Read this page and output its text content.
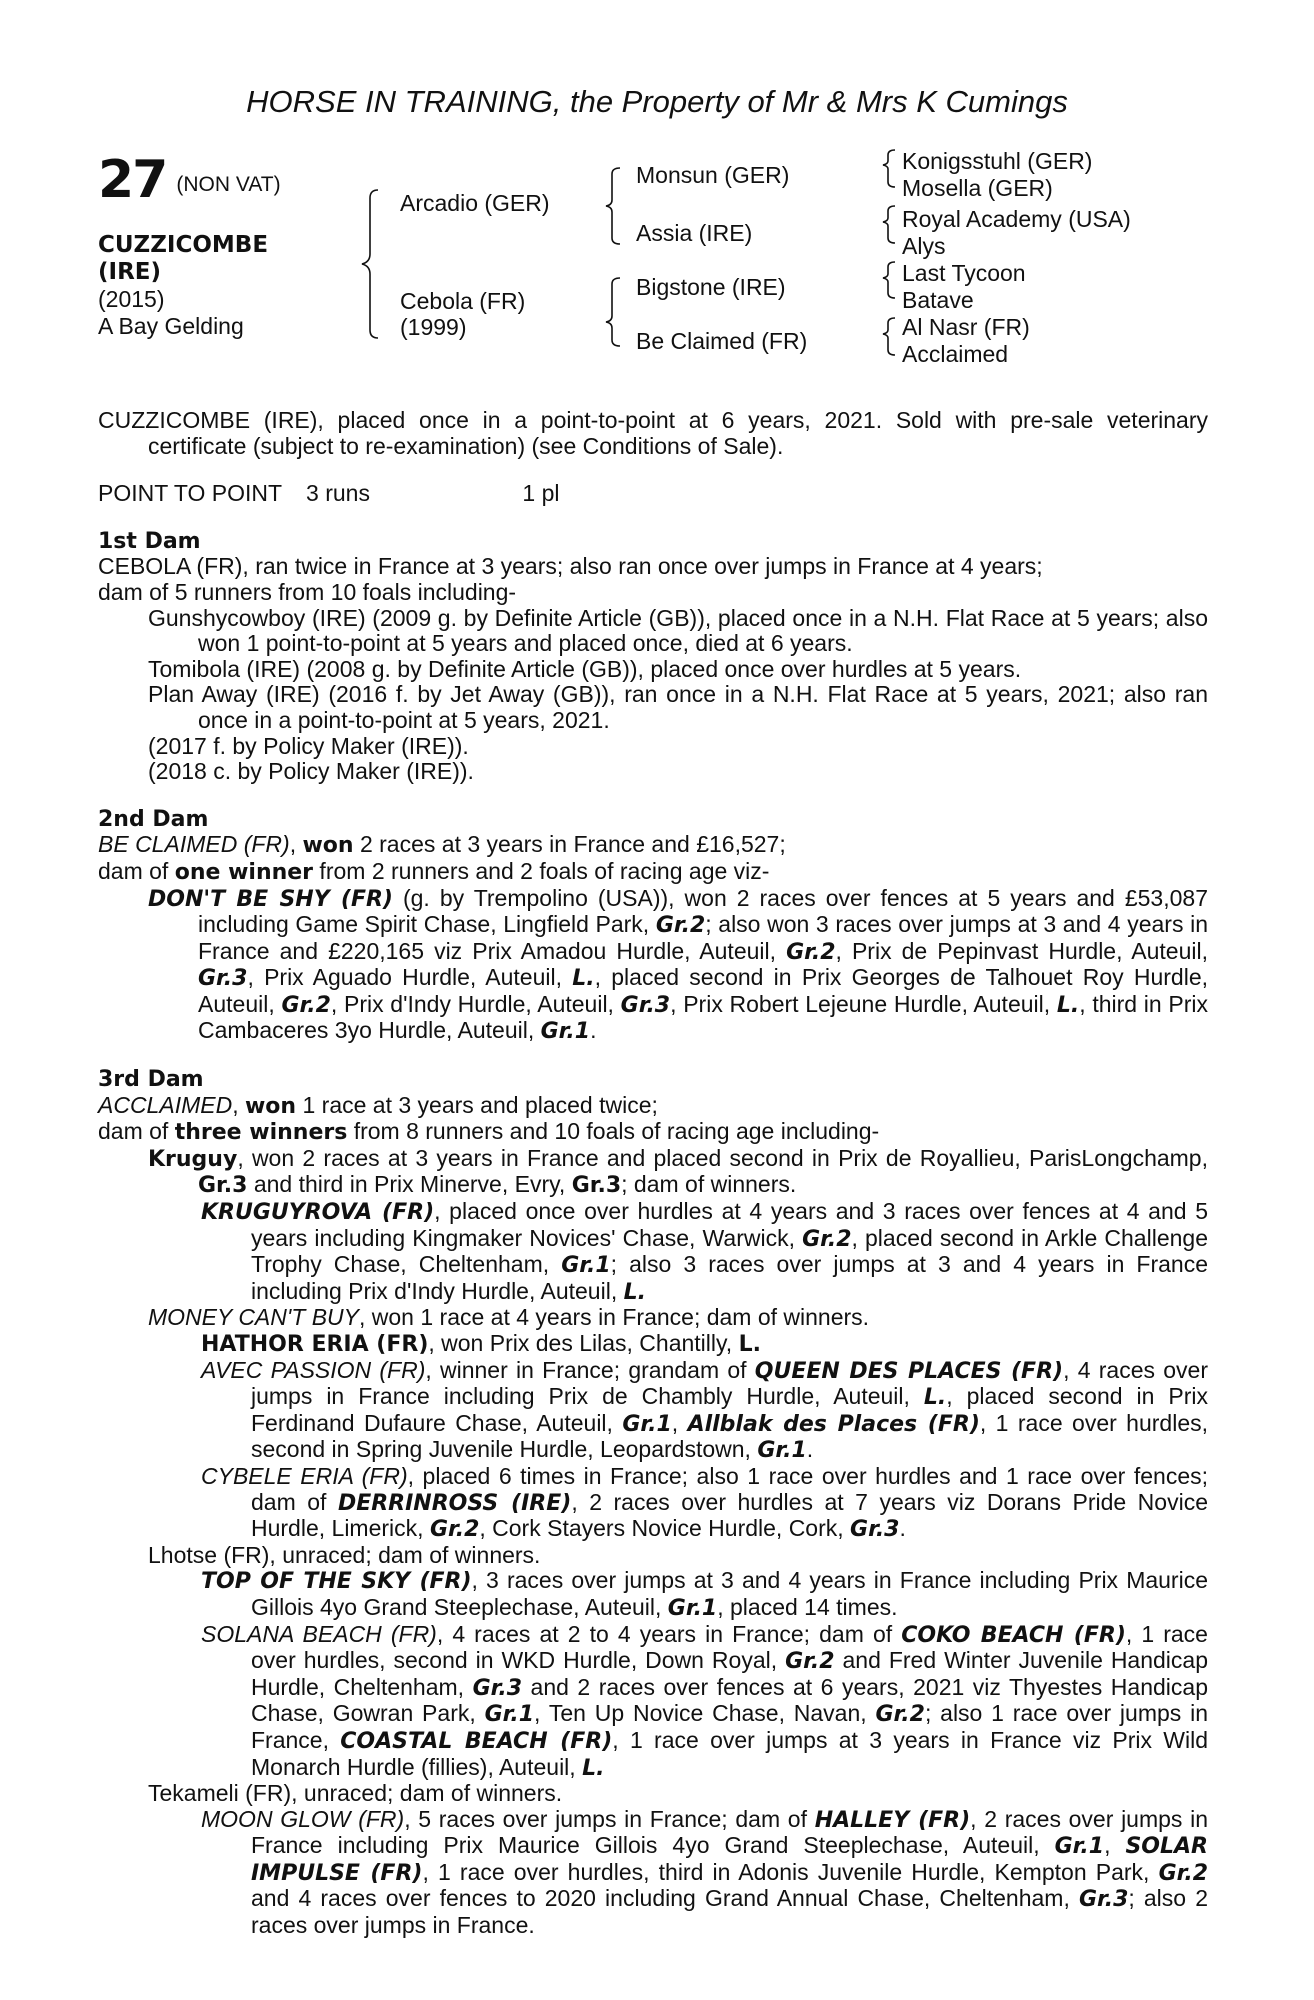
HORSE IN TRAINING, the Property of Mr & Mrs K Cumings
27 (NON VAT)
CUZZICOMBE
(IRE)
(2015)
A Bay Gelding
Arcadio (GER)
Cebola (FR)
(1999)
Monsun (GER)
Assia (IRE)
Bigstone (IRE)
Be Claimed (FR)
Konigsstuhl (GER)
Mosella (GER)
Royal Academy (USA)
Alys
Last Tycoon
Batave
Al Nasr (FR)
Acclaimed

CUZZICOMBE (IRE), placed once in a point-to-point at 6 years, 2021. Sold with pre-sale veterinary certificate (subject to re-examination) (see Conditions of Sale).

POINT TO POINT 3 runs	1 pl

1st Dam

CEBOLA (FR), ran twice in France at 3 years; also ran once over jumps in France at 4 years;

dam of 5 runners from 10 foals including-

Gunshycowboy (IRE) (2009 g. by Definite Article (GB)), placed once in a N.H. Flat Race at 5 years; also won 1 point-to-point at 5 years and placed once, died at 6 years.

Tomibola (IRE) (2008 g. by Definite Article (GB)), placed once over hurdles at 5 years.

Plan Away (IRE) (2016 f. by Jet Away (GB)), ran once in a N.H. Flat Race at 5 years, 2021; also ran once in a point-to-point at 5 years, 2021.

(2017 f. by Policy Maker (IRE)).

(2018 c. by Policy Maker (IRE)).

2nd Dam

BE CLAIMED (FR), won 2 races at 3 years in France and £16,527;

dam of one winner from 2 runners and 2 foals of racing age viz-

DON'T BE SHY (FR) (g. by Trempolino (USA)), won 2 races over fences at 5 years and £53,087 including Game Spirit Chase, Lingfield Park, Gr.2; also won 3 races over jumps at 3 and 4 years in France and £220,165 viz Prix Amadou Hurdle, Auteuil, Gr.2, Prix de Pepinvast Hurdle, Auteuil, Gr.3, Prix Aguado Hurdle, Auteuil, L., placed second in Prix Georges de Talhouet Roy Hurdle, Auteuil, Gr.2, Prix d'Indy Hurdle, Auteuil, Gr.3, Prix Robert Lejeune Hurdle, Auteuil, L., third in Prix Cambaceres 3yo Hurdle, Auteuil, Gr.1.

3rd Dam

ACCLAIMED, won 1 race at 3 years and placed twice;

dam of three winners from 8 runners and 10 foals of racing age including-

Kruguy, won 2 races at 3 years in France and placed second in Prix de Royallieu, ParisLongchamp, Gr.3 and third in Prix Minerve, Evry, Gr.3; dam of winners.

KRUGUYROVA (FR), placed once over hurdles at 4 years and 3 races over fences at 4 and 5 years including Kingmaker Novices' Chase, Warwick, Gr.2, placed second in Arkle Challenge Trophy Chase, Cheltenham, Gr.1; also 3 races over jumps at 3 and 4 years in France including Prix d'Indy Hurdle, Auteuil, L.

MONEY CAN'T BUY, won 1 race at 4 years in France; dam of winners.

HATHOR ERIA (FR), won Prix des Lilas, Chantilly, L.

AVEC PASSION (FR), winner in France; grandam of QUEEN DES PLACES (FR), 4 races over jumps in France including Prix de Chambly Hurdle, Auteuil, L., placed second in Prix Ferdinand Dufaure Chase, Auteuil, Gr.1, Allblak des Places (FR), 1 race over hurdles, second in Spring Juvenile Hurdle, Leopardstown, Gr.1.

CYBELE ERIA (FR), placed 6 times in France; also 1 race over hurdles and 1 race over fences; dam of DERRINROSS (IRE), 2 races over hurdles at 7 years viz Dorans Pride Novice Hurdle, Limerick, Gr.2, Cork Stayers Novice Hurdle, Cork, Gr.3.

Lhotse (FR), unraced; dam of winners.

TOP OF THE SKY (FR), 3 races over jumps at 3 and 4 years in France including Prix Maurice Gillois 4yo Grand Steeplechase, Auteuil, Gr.1, placed 14 times.

SOLANA BEACH (FR), 4 races at 2 to 4 years in France; dam of COKO BEACH (FR), 1 race over hurdles, second in WKD Hurdle, Down Royal, Gr.2 and Fred Winter Juvenile Handicap Hurdle, Cheltenham, Gr.3 and 2 races over fences at 6 years, 2021 viz Thyestes Handicap Chase, Gowran Park, Gr.1, Ten Up Novice Chase, Navan, Gr.2; also 1 race over jumps in France, COASTAL BEACH (FR), 1 race over jumps at 3 years in France viz Prix Wild Monarch Hurdle (fillies), Auteuil, L.

Tekameli (FR), unraced; dam of winners.

MOON GLOW (FR), 5 races over jumps in France; dam of HALLEY (FR), 2 races over jumps in France including Prix Maurice Gillois 4yo Grand Steeplechase, Auteuil, Gr.1, SOLAR IMPULSE (FR), 1 race over hurdles, third in Adonis Juvenile Hurdle, Kempton Park, Gr.2 and 4 races over fences to 2020 including Grand Annual Chase, Cheltenham, Gr.3; also 2 races over jumps in France.
